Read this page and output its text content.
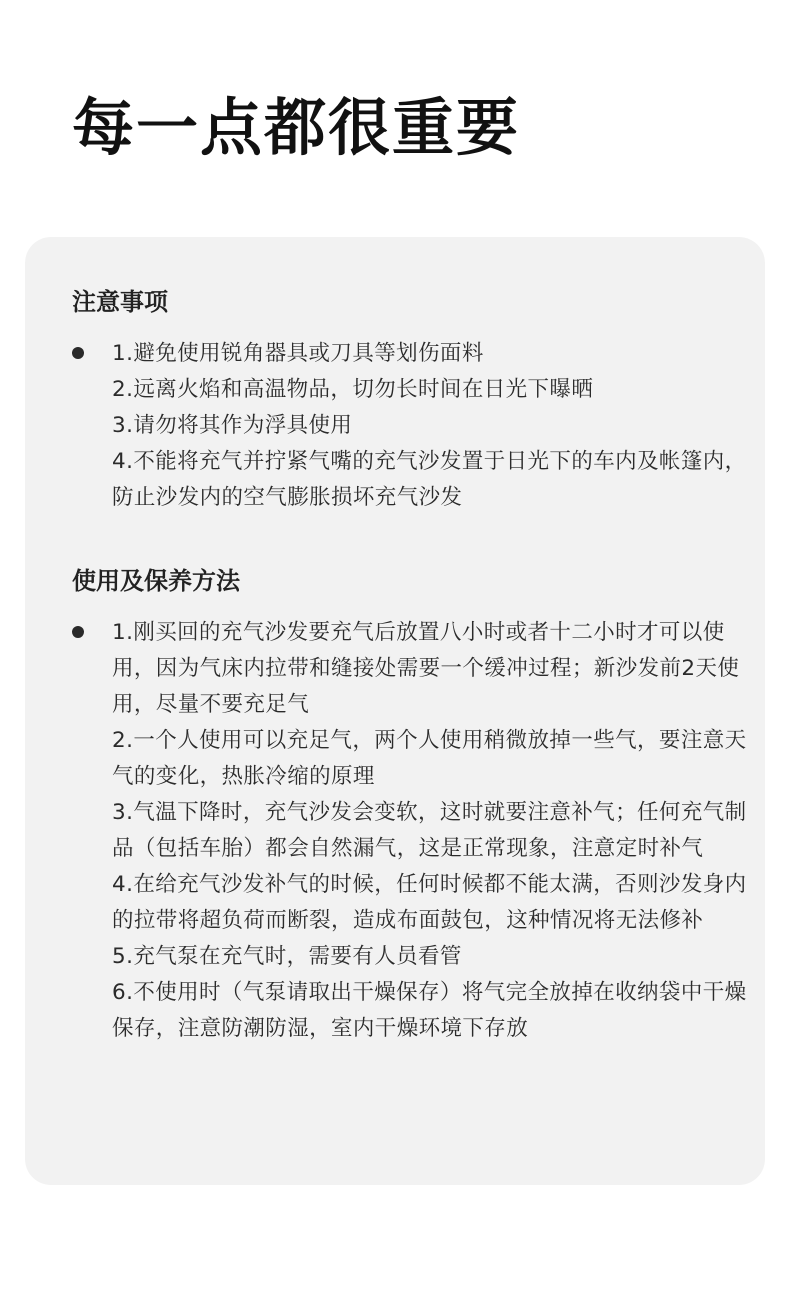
每一点都很重要
注意事项

1.避免使用锐角器具或刀具等划伤面料

2.远离火焰和高温物品，切勿长时间在日光下曝晒

3.请勿将其作为浮具使用

4.不能将充气并拧紧气嘴的充气沙发置于日光下的车内及帐篷内，防止沙发内的空气膨胀损坏充气沙发

使用及保养方法

1.刚买回的充气沙发要充气后放置八小时或者十二小时才可以使用，因为气床内拉带和缝接处需要一个缓冲过程；新沙发前2天使用，尽量不要充足气

2.一个人使用可以充足气，两个人使用稍微放掉一些气，要注意天气的变化，热胀冷缩的原理

3.气温下降时，充气沙发会变软，这时就要注意补气；任何充气制品（包括车胎）都会自然漏气，这是正常现象，注意定时补气

4.在给充气沙发补气的时候，任何时候都不能太满，否则沙发身内的拉带将超负荷而断裂，造成布面鼓包，这种情况将无法修补

5.充气泵在充气时，需要有人员看管

6.不使用时（气泵请取出干燥保存）将气完全放掉在收纳袋中干燥保存，注意防潮防湿，室内干燥环境下存放
